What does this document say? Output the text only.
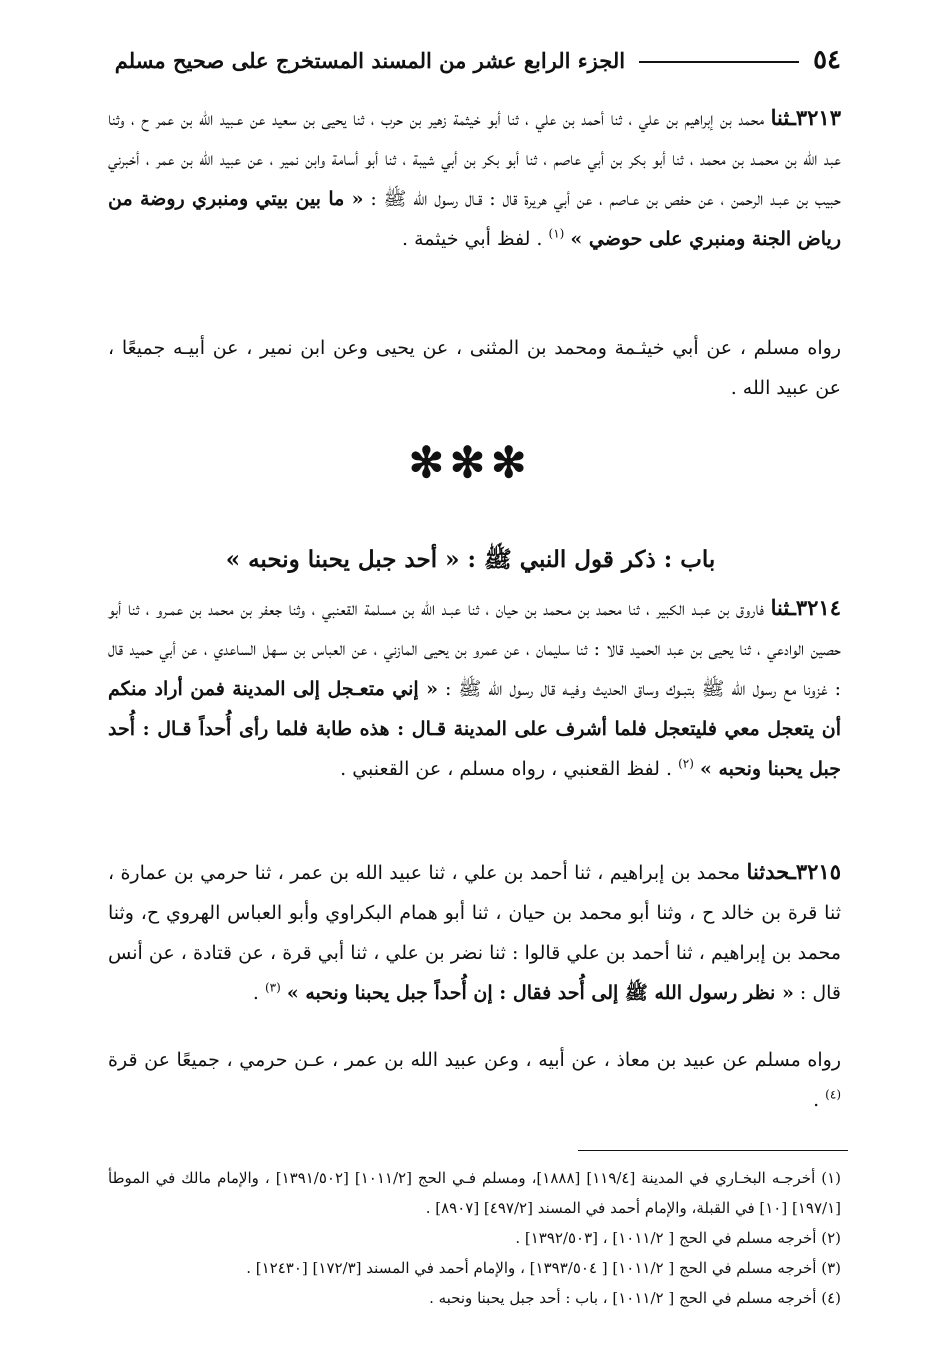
٥٤
الجزء الرابع عشر من المسند المستخرج على صحيح مسلم
٣٢١٣ـثنا محمد بن إبراهيم بن علي ، ثنا أحمد بن علي ، ثنا أبو خيثمة زهير بن حرب ، ثنا يحيى بن سعيد عن عـبيد الله بن عمر ح ، وثنا عبد الله بن محمـد بن محمد ، ثنا أبو بكر بن أبي عاصم ، ثنا أبو بكر بن أبي شيبة ، ثنا أبو أسامة وابن نمير ، عن عبيد الله بن عمر ، أخبرني حبيب بن عبـد الرحمن ، عن حفص بن عـاصم ، عن أبي هريرة قال : قـال رسول الله ﷺ : « ما بين بيتي ومنبري روضة من رياض الجنة ومنبري على حوضي » $^{(١)}$ . لفظ أبي خيثمة .
رواه مسلم ، عن أبي خيثـمة ومحمد بن المثنى ، عن يحيى وعن ابن نمير ، عن أبيـه جميعًا ، عن عبيد الله .
✻✻✻
باب : ذكر قول النبي ﷺ : « أحد جبل يحبنا ونحبه »
٣٢١٤ـثنا فاروق بن عبـد الكبير ، ثنا محمد بن مـحمد بن حيان ، ثنا عبـد الله بن مسلمة القعنبي ، وثنا جعفر بن محمد بن عمـرو ، ثنا أبو حصين الوادعي ، ثنا يحيى بن عبد الحميد قالا : ثنا سليمان ، عن عمرو بن يحيى المازني ، عن العباس بن سـهل الساعدي ، عن أبي حميد قال : غزونا مع رسول الله ﷺ بتبـوك وساق الحديث وفيـه قال رسول الله ﷺ : « إني متعـجل إلى المدينة فمن أراد منكم أن يتعجل معي فليتعجل فلما أشرف على المدينة قـال : هذه طابة فلما رأى أُحداً قـال : أُحد جبل يحبنا ونحبه » $^{(٢)}$ . لفظ القعنبي ، رواه مسلم ، عن القعنبي .
٣٢١٥ـحدثنا محمد بن إبراهيم ، ثنا أحمد بن علي ، ثنا عبيد الله بن عمر ، ثنا حرمي بن عمارة ، ثنا قرة بن خالد ح ، وثنا أبو محمد بن حيان ، ثنا أبو همام البكراوي وأبو العباس الهروي ح، وثنا محمد بن إبراهيم ، ثنا أحمد بن علي قالوا : ثنا نضر بن علي ، ثنا أبي قرة ، عن قتادة ، عن أنس قال : « نظر رسول الله ﷺ إلى أُحد فقال : إن أُحداً جبل يحبنا ونحبه » $^{(٣)}$ .
رواه مسلم عن عبيد بن معاذ ، عن أبيه ، وعن عبيد الله بن عمر ، عـن حرمي ، جميعًا عن قرة $^{(٤)}$ .

(١) أخرجـه البخـاري في المدينة [١١٩/٤] [١٨٨٨]، ومسلم فـي الحج [١٠١١/٢] [١٣٩١/٥٠٢] ، والإمام مالك في الموطأ [١٩٧/١] [١٠] في القبلة، والإمام أحمد في المسند [٤٩٧/٢] [٨٩٠٧] .

(٢) أخرجه مسلم في الحج [ ١٠١١/٢] ، [١٣٩٢/٥٠٣] .

(٣) أخرجه مسلم في الحج [ ١٠١١/٢] [ ١٣٩٣/٥٠٤] ، والإمام أحمد في المسند [١٧٢/٣] [١٢٤٣٠] .

(٤) أخرجه مسلم في الحج [ ١٠١١/٢] ، باب : أحد جبل يحبنا ونحبه .
